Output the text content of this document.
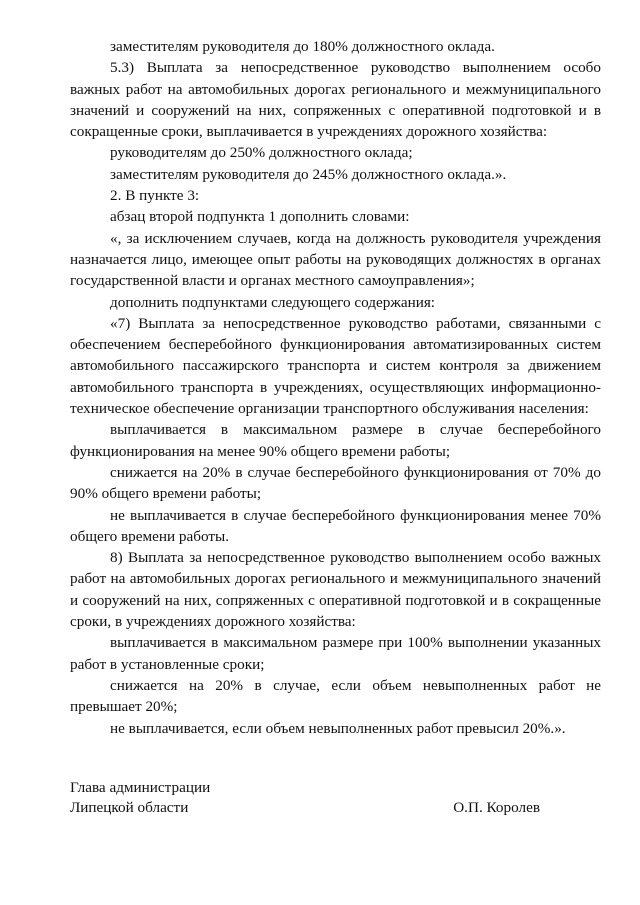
заместителям руководителя до 180% должностного оклада.

5.3) Выплата за непосредственное руководство выполнением особо важных работ на автомобильных дорогах регионального и межмуниципального значений и сооружений на них, сопряженных с оперативной подготовкой и в сокращенные сроки, выплачивается в учреждениях дорожного хозяйства:

руководителям до 250% должностного оклада;

заместителям руководителя до 245% должностного оклада.».

2. В пункте 3:

абзац второй подпункта 1 дополнить словами:

«, за исключением случаев, когда на должность руководителя учреждения назначается лицо, имеющее опыт работы на руководящих должностях в органах государственной власти и органах местного самоуправления»;

дополнить подпунктами следующего содержания:

«7) Выплата за непосредственное руководство работами, связанными с обеспечением бесперебойного функционирования автоматизированных систем автомобильного пассажирского транспорта и систем контроля за движением автомобильного транспорта в учреждениях, осуществляющих информационно-техническое обеспечение организации транспортного обслуживания населения:

выплачивается в максимальном размере в случае бесперебойного функционирования на менее 90% общего времени работы;

снижается на 20% в случае бесперебойного функционирования от 70% до 90% общего времени работы;

не выплачивается в случае бесперебойного функционирования менее 70% общего времени работы.

8) Выплата за непосредственное руководство выполнением особо важных работ на автомобильных дорогах регионального и межмуниципального значений и сооружений на них, сопряженных с оперативной подготовкой и в сокращенные сроки, в учреждениях дорожного хозяйства:

выплачивается в максимальном размере при 100% выполнении указанных работ в установленные сроки;

снижается на 20% в случае, если объем невыполненных работ не превышает 20%;

не выплачивается, если объем невыполненных работ превысил 20%.».

Глава администрации
Липецкой области	О.П. Королев
